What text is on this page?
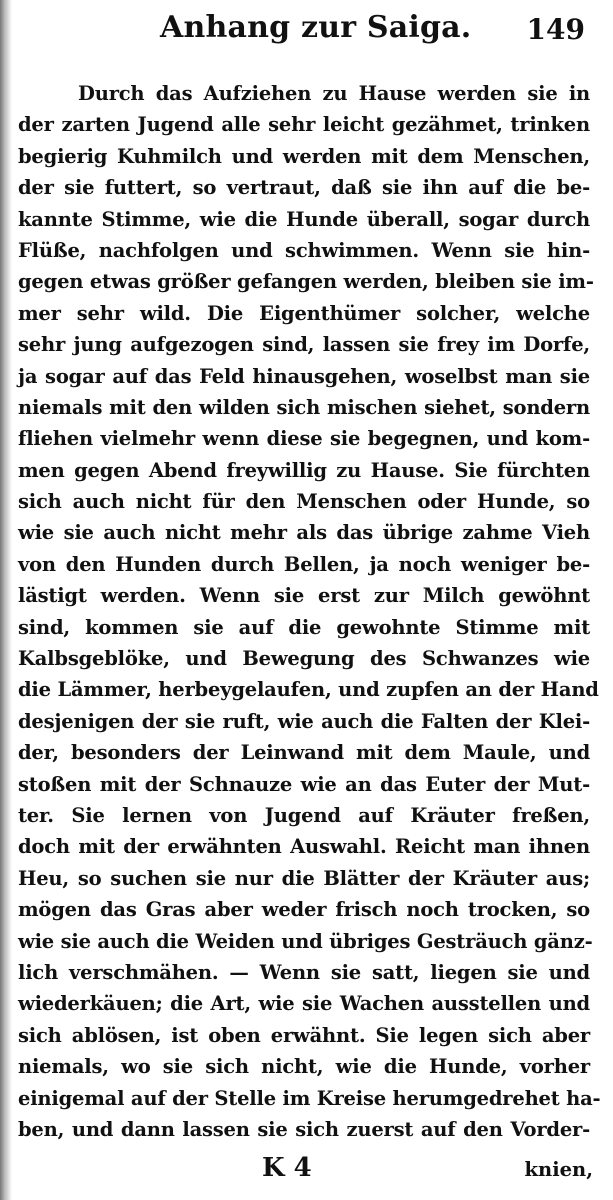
Anhang zur Saiga. 149
Durch das Aufziehen zu Hause werden sie in
der zarten Jugend alle sehr leicht gezähmet, trinken
begierig Kuhmilch und werden mit dem Menschen,
der sie futtert, so vertraut, daß sie ihn auf die be-
kannte Stimme, wie die Hunde überall, sogar durch
Flüße, nachfolgen und schwimmen. Wenn sie hin-
gegen etwas größer gefangen werden, bleiben sie im-
mer sehr wild. Die Eigenthümer solcher, welche
sehr jung aufgezogen sind, lassen sie frey im Dorfe,
ja sogar auf das Feld hinausgehen, woselbst man sie
niemals mit den wilden sich mischen siehet, sondern
fliehen vielmehr wenn diese sie begegnen, und kom-
men gegen Abend freywillig zu Hause. Sie fürchten
sich auch nicht für den Menschen oder Hunde, so
wie sie auch nicht mehr als das übrige zahme Vieh
von den Hunden durch Bellen, ja noch weniger be-
lästigt werden. Wenn sie erst zur Milch gewöhnt
sind, kommen sie auf die gewohnte Stimme mit
Kalbsgeblöke, und Bewegung des Schwanzes wie
die Lämmer, herbeygelaufen, und zupfen an der Hand
desjenigen der sie ruft, wie auch die Falten der Klei-
der, besonders der Leinwand mit dem Maule, und
stoßen mit der Schnauze wie an das Euter der Mut-
ter. Sie lernen von Jugend auf Kräuter freßen,
doch mit der erwähnten Auswahl. Reicht man ihnen
Heu, so suchen sie nur die Blätter der Kräuter aus;
mögen das Gras aber weder frisch noch trocken, so
wie sie auch die Weiden und übriges Gesträuch gänz-
lich verschmähen. — Wenn sie satt, liegen sie und
wiederkäuen; die Art, wie sie Wachen ausstellen und
sich ablösen, ist oben erwähnt. Sie legen sich aber
niemals, wo sie sich nicht, wie die Hunde, vorher
einigemal auf der Stelle im Kreise herumgedrehet ha-
ben, und dann lassen sie sich zuerst auf den Vorder-
K 4	knien,
